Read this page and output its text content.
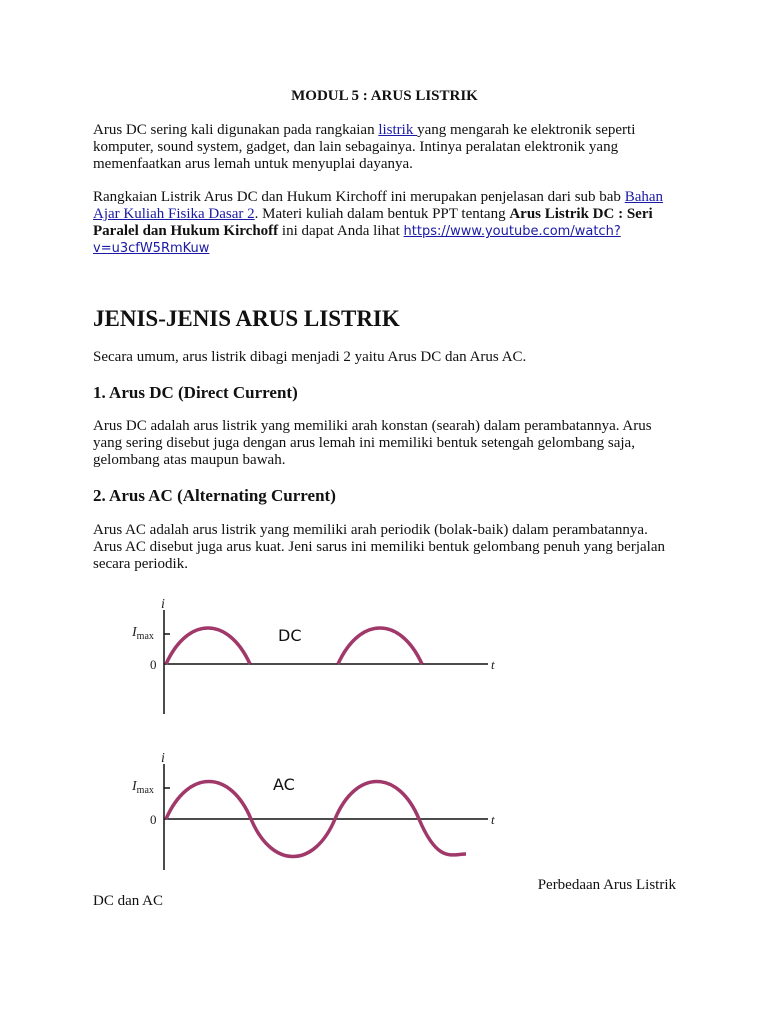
MODUL 5 : ARUS LISTRIK

Arus DC sering kali digunakan pada rangkaian listrik yang mengarah ke elektronik seperti komputer, sound system, gadget, dan lain sebagainya. Intinya peralatan elektronik yang memenfaatkan arus lemah untuk menyuplai dayanya.

Rangkaian Listrik Arus DC dan Hukum Kirchoff ini merupakan penjelasan dari sub bab Bahan Ajar Kuliah Fisika Dasar 2. Materi kuliah dalam bentuk PPT tentang Arus Listrik DC : Seri Paralel dan Hukum Kirchoff ini dapat Anda lihat https://www.youtube.com/watch?v=u3cfW5RmKuw

JENIS-JENIS ARUS LISTRIK

Secara umum, arus listrik dibagi menjadi 2 yaitu Arus DC dan Arus AC.

1. Arus DC (Direct Current)

Arus DC adalah arus listrik yang memiliki arah konstan (searah) dalam perambatannya. Arus yang sering disebut juga dengan arus lemah ini memiliki bentuk setengah gelombang saja, gelombang atas maupun bawah.

2. Arus AC (Alternating Current)

Arus AC adalah arus listrik yang memiliki arah periodik (bolak-baik) dalam perambatannya. Arus AC disebut juga arus kuat. Jeni sarus ini memiliki bentuk gelombang penuh yang berjalan secara periodik.

Perbedaan Arus Listrik

DC dan AC

i
$I_{max}$
0	t
DC
i
$I_{max}$
0	t
AC
